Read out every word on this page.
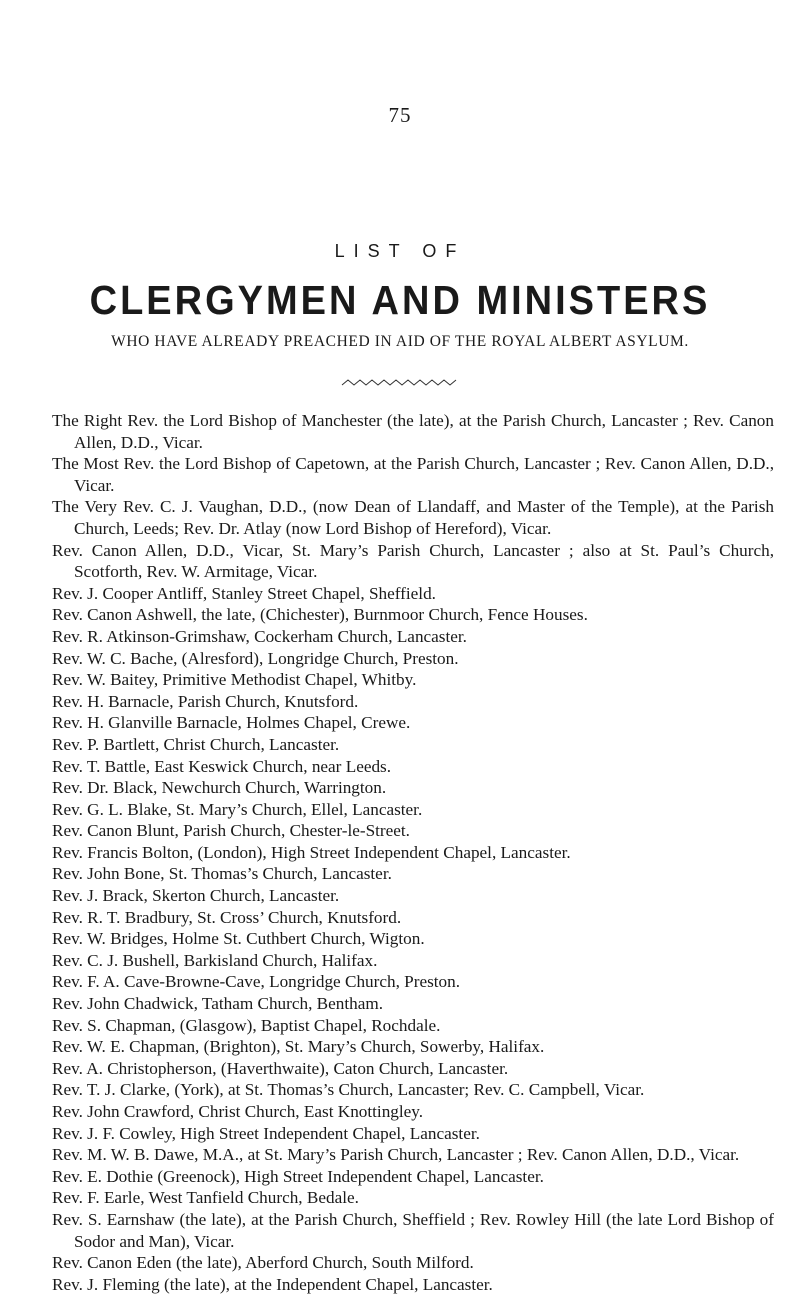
75
LIST OF
CLERGYMEN AND MINISTERS
WHO HAVE ALREADY PREACHED IN AID OF THE ROYAL ALBERT ASYLUM.
The Right Rev. the Lord Bishop of Manchester (the late), at the Parish Church, Lancaster ; Rev. Canon Allen, D.D., Vicar.
The Most Rev. the Lord Bishop of Capetown, at the Parish Church, Lancaster ; Rev. Canon Allen, D.D., Vicar.
The Very Rev. C. J. Vaughan, D.D., (now Dean of Llandaff, and Master of the Temple), at the Parish Church, Leeds; Rev. Dr. Atlay (now Lord Bishop of Hereford), Vicar.
Rev. Canon Allen, D.D., Vicar, St. Mary’s Parish Church, Lancaster ; also at St. Paul’s Church, Scotforth, Rev. W. Armitage, Vicar.
Rev. J. Cooper Antliff, Stanley Street Chapel, Sheffield.
Rev. Canon Ashwell, the late, (Chichester), Burnmoor Church, Fence Houses.
Rev. R. Atkinson-Grimshaw, Cockerham Church, Lancaster.
Rev. W. C. Bache, (Alresford), Longridge Church, Preston.
Rev. W. Baitey, Primitive Methodist Chapel, Whitby.
Rev. H. Barnacle, Parish Church, Knutsford.
Rev. H. Glanville Barnacle, Holmes Chapel, Crewe.
Rev. P. Bartlett, Christ Church, Lancaster.
Rev. T. Battle, East Keswick Church, near Leeds.
Rev. Dr. Black, Newchurch Church, Warrington.
Rev. G. L. Blake, St. Mary’s Church, Ellel, Lancaster.
Rev. Canon Blunt, Parish Church, Chester-le-Street.
Rev. Francis Bolton, (London), High Street Independent Chapel, Lancaster.
Rev. John Bone, St. Thomas’s Church, Lancaster.
Rev. J. Brack, Skerton Church, Lancaster.
Rev. R. T. Bradbury, St. Cross’ Church, Knutsford.
Rev. W. Bridges, Holme St. Cuthbert Church, Wigton.
Rev. C. J. Bushell, Barkisland Church, Halifax.
Rev. F. A. Cave-Browne-Cave, Longridge Church, Preston.
Rev. John Chadwick, Tatham Church, Bentham.
Rev. S. Chapman, (Glasgow), Baptist Chapel, Rochdale.
Rev. W. E. Chapman, (Brighton), St. Mary’s Church, Sowerby, Halifax.
Rev. A. Christopherson, (Haverthwaite), Caton Church, Lancaster.
Rev. T. J. Clarke, (York), at St. Thomas’s Church, Lancaster; Rev. C. Campbell, Vicar.
Rev. John Crawford, Christ Church, East Knottingley.
Rev. J. F. Cowley, High Street Independent Chapel, Lancaster.
Rev. M. W. B. Dawe, M.A., at St. Mary’s Parish Church, Lancaster ; Rev. Canon Allen, D.D., Vicar.
Rev. E. Dothie (Greenock), High Street Independent Chapel, Lancaster.
Rev. F. Earle, West Tanfield Church, Bedale.
Rev. S. Earnshaw (the late), at the Parish Church, Sheffield ; Rev. Rowley Hill (the late Lord Bishop of Sodor and Man), Vicar.
Rev. Canon Eden (the late), Aberford Church, South Milford.
Rev. J. Fleming (the late), at the Independent Chapel, Lancaster.
